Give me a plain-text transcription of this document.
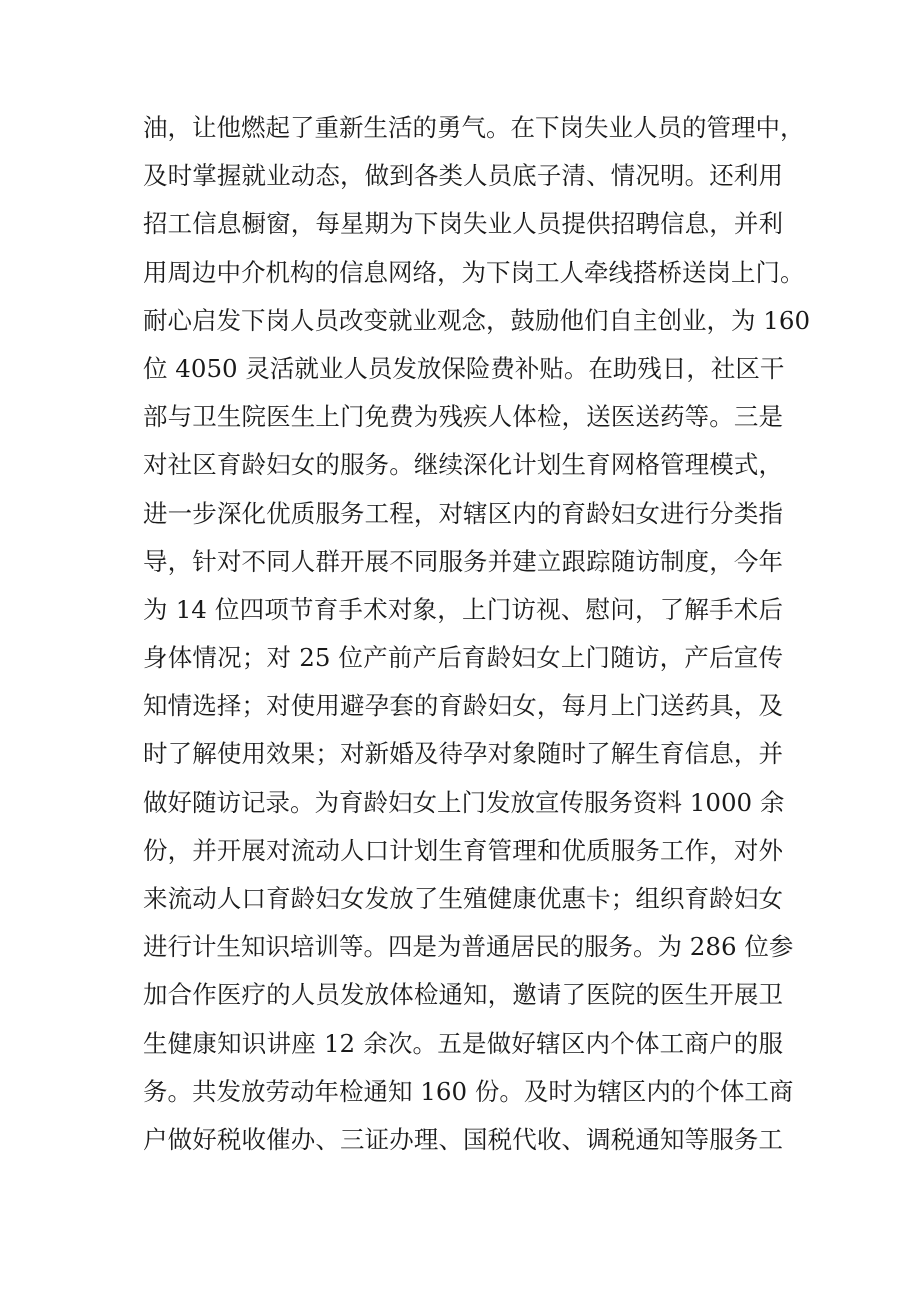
油，让他燃起了重新生活的勇气。在下岗失业人员的管理中，
及时掌握就业动态，做到各类人员底子清、情况明。还利用
招工信息橱窗，每星期为下岗失业人员提供招聘信息，并利
用周边中介机构的信息网络，为下岗工人牵线搭桥送岗上门。
耐心启发下岗人员改变就业观念，鼓励他们自主创业，为 160
位 4050 灵活就业人员发放保险费补贴。在助残日，社区干
部与卫生院医生上门免费为残疾人体检，送医送药等。三是
对社区育龄妇女的服务。继续深化计划生育网格管理模式，
进一步深化优质服务工程，对辖区内的育龄妇女进行分类指
导，针对不同人群开展不同服务并建立跟踪随访制度，今年
为 14 位四项节育手术对象，上门访视、慰问，了解手术后
身体情况；对 25 位产前产后育龄妇女上门随访，产后宣传
知情选择；对使用避孕套的育龄妇女，每月上门送药具，及
时了解使用效果；对新婚及待孕对象随时了解生育信息，并
做好随访记录。为育龄妇女上门发放宣传服务资料 1000 余
份，并开展对流动人口计划生育管理和优质服务工作，对外
来流动人口育龄妇女发放了生殖健康优惠卡；组织育龄妇女
进行计生知识培训等。四是为普通居民的服务。为 286 位参
加合作医疗的人员发放体检通知，邀请了医院的医生开展卫
生健康知识讲座 12 余次。五是做好辖区内个体工商户的服
务。共发放劳动年检通知 160 份。及时为辖区内的个体工商
户做好税收催办、三证办理、国税代收、调税通知等服务工
